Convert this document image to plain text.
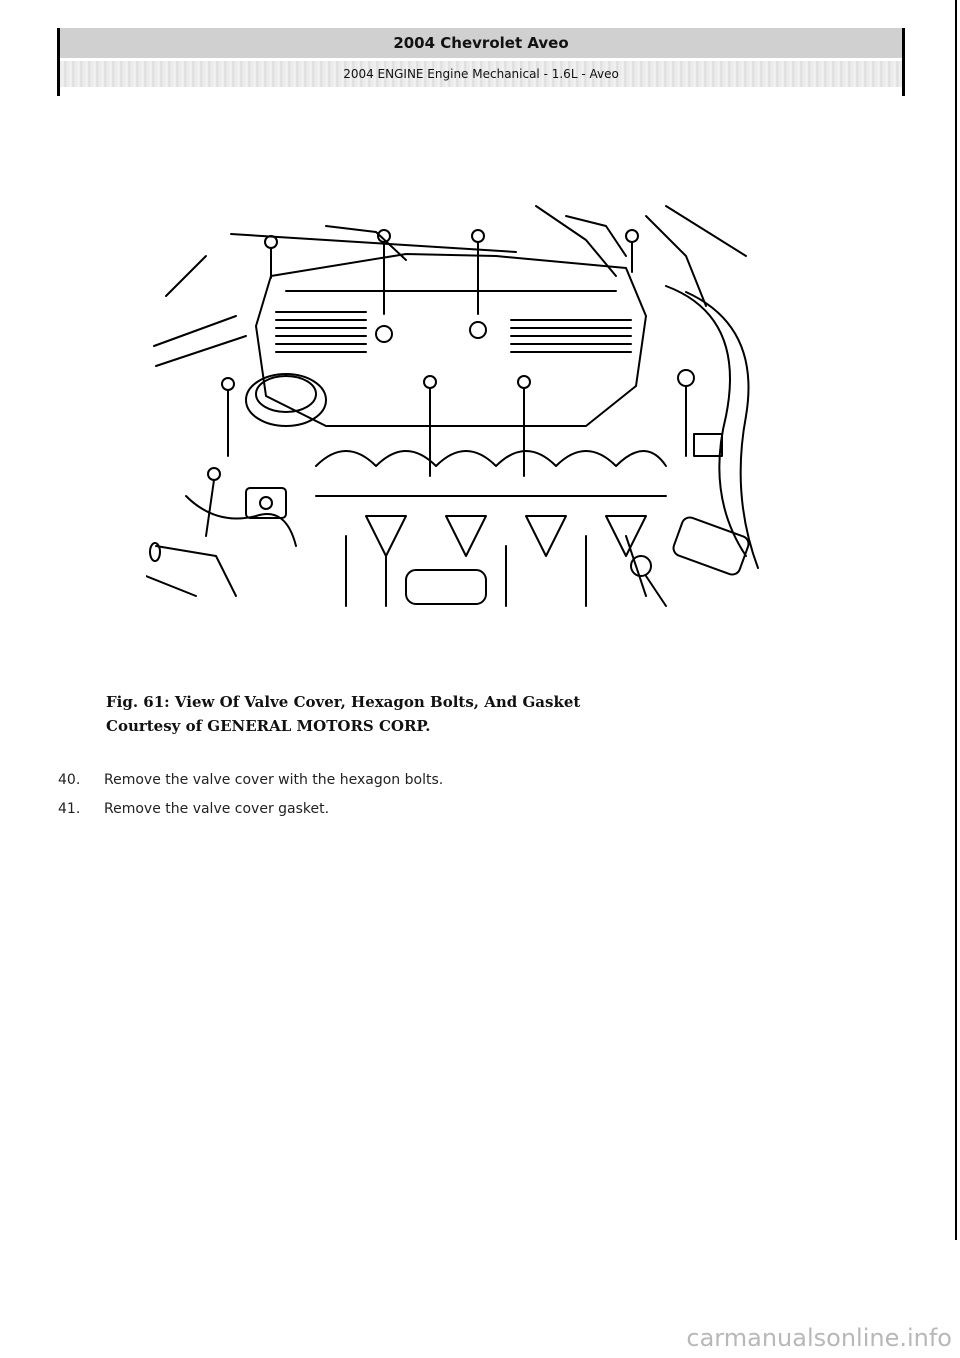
2004 Chevrolet Aveo
2004 ENGINE Engine Mechanical - 1.6L - Aveo
Fig. 61: View Of Valve Cover, Hexagon Bolts, And Gasket
Courtesy of GENERAL MOTORS CORP.
40.	Remove the valve cover with the hexagon bolts.
41.	Remove the valve cover gasket.
carmanualsonline.info
